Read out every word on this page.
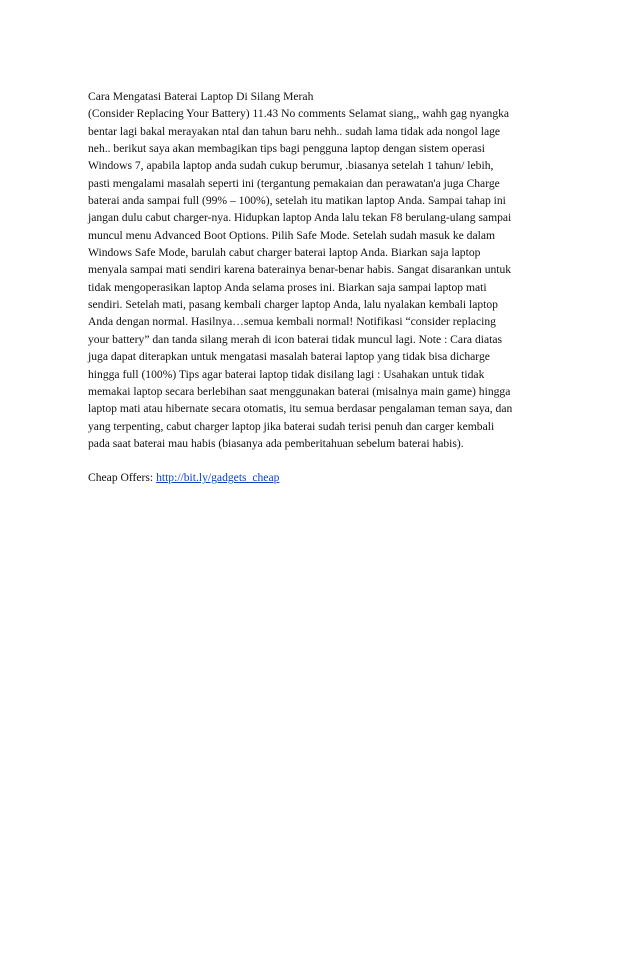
Cara Mengatasi Baterai Laptop Di Silang Merah
(Consider Replacing Your Battery) 11.43 No comments Selamat siang,, wahh gag nyangka
bentar lagi bakal merayakan ntal dan tahun baru nehh.. sudah lama tidak ada nongol lage
neh.. berikut saya akan membagikan tips bagi pengguna laptop dengan sistem operasi
Windows 7, apabila laptop anda sudah cukup berumur, .biasanya setelah 1 tahun/ lebih,
pasti mengalami masalah seperti ini (tergantung pemakaian dan perawatan'a juga Charge
baterai anda sampai full (99% – 100%), setelah itu matikan laptop Anda. Sampai tahap ini
jangan dulu cabut charger-nya. Hidupkan laptop Anda lalu tekan F8 berulang-ulang sampai
muncul menu Advanced Boot Options. Pilih Safe Mode. Setelah sudah masuk ke dalam
Windows Safe Mode, barulah cabut charger baterai laptop Anda. Biarkan saja laptop
menyala sampai mati sendiri karena baterainya benar-benar habis. Sangat disarankan untuk
tidak mengoperasikan laptop Anda selama proses ini. Biarkan saja sampai laptop mati
sendiri. Setelah mati, pasang kembali charger laptop Anda, lalu nyalakan kembali laptop
Anda dengan normal. Hasilnya…semua kembali normal! Notifikasi “consider replacing
your battery” dan tanda silang merah di icon baterai tidak muncul lagi. Note : Cara diatas
juga dapat diterapkan untuk mengatasi masalah baterai laptop yang tidak bisa dicharge
hingga full (100%) Tips agar baterai laptop tidak disilang lagi : Usahakan untuk tidak
memakai laptop secara berlebihan saat menggunakan baterai (misalnya main game) hingga
laptop mati atau hibernate secara otomatis, itu semua berdasar pengalaman teman saya, dan
yang terpenting, cabut charger laptop jika baterai sudah terisi penuh dan carger kembali
pada saat baterai mau habis (biasanya ada pemberitahuan sebelum baterai habis).
Cheap Offers: http://bit.ly/gadgets_cheap
